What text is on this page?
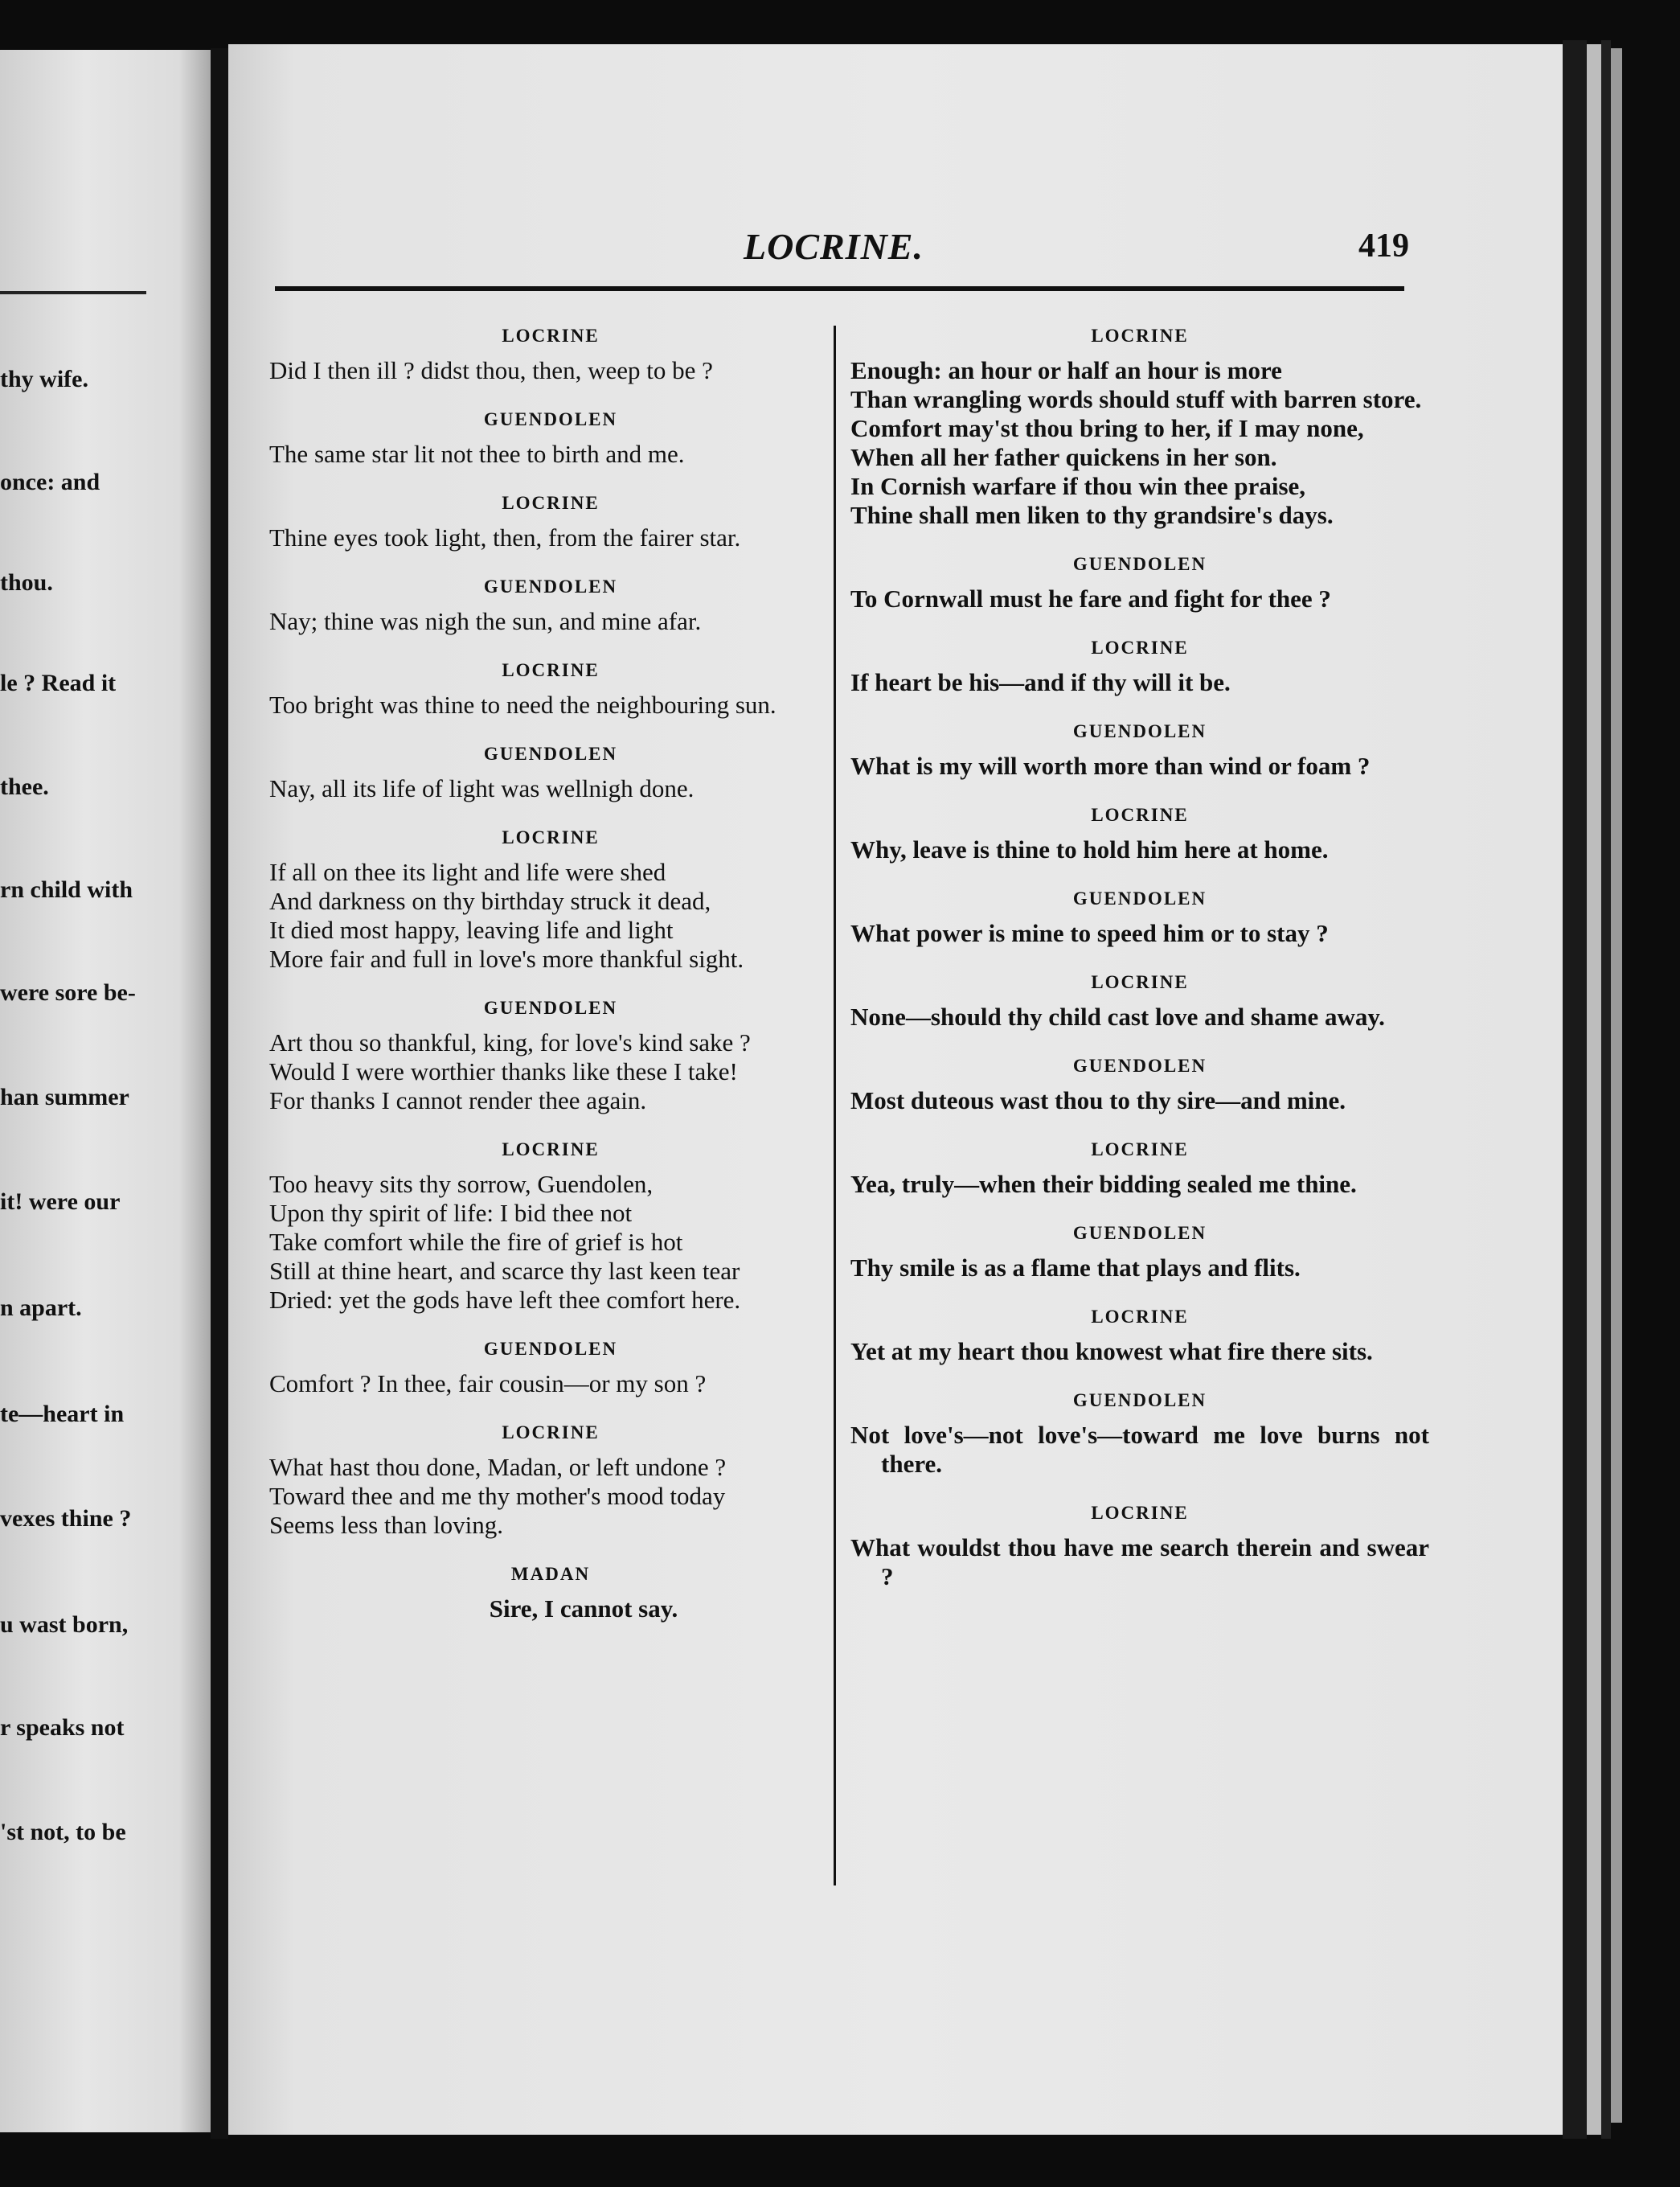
thy wife.
once: and
thou.
le ? Read it
thee.
rn child with
were sore be-
han summer
it! were our
n apart.
te—heart in
vexes thine ?
u wast born,
r speaks not
'st not, to be
LOCRINE.	419
LOCRINE
Did I then ill ? didst thou, then, weep to be ?
GUENDOLEN
The same star lit not thee to birth and me.
LOCRINE
Thine eyes took light, then, from the fairer star.
GUENDOLEN
Nay; thine was nigh the sun, and mine afar.
LOCRINE
Too bright was thine to need the neighbouring sun.
GUENDOLEN
Nay, all its life of light was wellnigh done.
LOCRINE
If all on thee its light and life were shed
And darkness on thy birthday struck it dead,
It died most happy, leaving life and light
More fair and full in love's more thankful sight.
GUENDOLEN
Art thou so thankful, king, for love's kind sake ?
Would I were worthier thanks like these I take!
For thanks I cannot render thee again.
LOCRINE
Too heavy sits thy sorrow, Guendolen,
Upon thy spirit of life: I bid thee not
Take comfort while the fire of grief is hot
Still at thine heart, and scarce thy last keen tear
Dried: yet the gods have left thee comfort here.
GUENDOLEN
Comfort ? In thee, fair cousin—or my son ?
LOCRINE
What hast thou done, Madan, or left undone ?
Toward thee and me thy mother's mood today
Seems less than loving.
MADAN
Sire, I cannot say.
LOCRINE
Enough: an hour or half an hour is more
Than wrangling words should stuff with barren store.
Comfort may'st thou bring to her, if I may none,
When all her father quickens in her son.
In Cornish warfare if thou win thee praise,
Thine shall men liken to thy grandsire's days.
GUENDOLEN
To Cornwall must he fare and fight for thee ?
LOCRINE
If heart be his—and if thy will it be.
GUENDOLEN
What is my will worth more than wind or foam ?
LOCRINE
Why, leave is thine to hold him here at home.
GUENDOLEN
What power is mine to speed him or to stay ?
LOCRINE
None—should thy child cast love and shame away.
GUENDOLEN
Most duteous wast thou to thy sire—and mine.
LOCRINE
Yea, truly—when their bidding sealed me thine.
GUENDOLEN
Thy smile is as a flame that plays and flits.
LOCRINE
Yet at my heart thou knowest what fire there sits.
GUENDOLEN
Not love's—not love's—toward me love burns not there.
LOCRINE
What wouldst thou have me search therein and swear ?
